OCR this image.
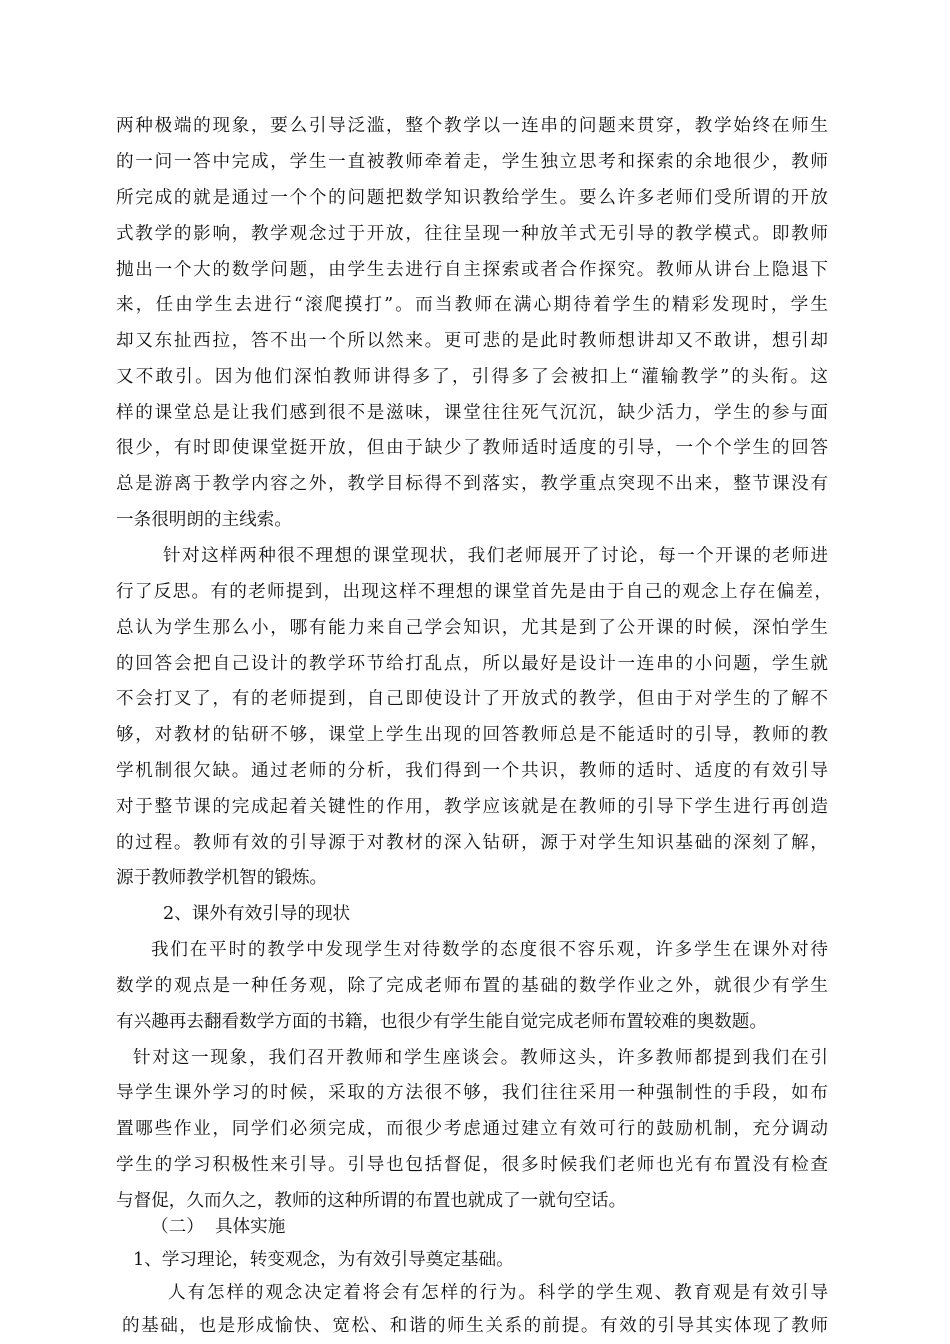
两种极端的现象，要么引导泛滥，整个教学以一连串的问题来贯穿，教学始终在师生
的一问一答中完成，学生一直被教师牵着走，学生独立思考和探索的余地很少，教师
所完成的就是通过一个个的问题把数学知识教给学生。要么许多老师们受所谓的开放
式教学的影响，教学观念过于开放，往往呈现一种放羊式无引导的教学模式。即教师
抛出一个大的数学问题，由学生去进行自主探索或者合作探究。教师从讲台上隐退下
来，任由学生去进行“滚爬摸打”。而当教师在满心期待着学生的精彩发现时，学生
却又东扯西拉，答不出一个所以然来。更可悲的是此时教师想讲却又不敢讲，想引却
又不敢引。因为他们深怕教师讲得多了，引得多了会被扣上“灌输教学”的头衔。这
样的课堂总是让我们感到很不是滋味，课堂往往死气沉沉，缺少活力，学生的参与面
很少，有时即使课堂挺开放，但由于缺少了教师适时适度的引导，一个个学生的回答
总是游离于教学内容之外，教学目标得不到落实，教学重点突现不出来，整节课没有
一条很明朗的主线索。
针对这样两种很不理想的课堂现状，我们老师展开了讨论，每一个开课的老师进
行了反思。有的老师提到，出现这样不理想的课堂首先是由于自己的观念上存在偏差，
总认为学生那么小，哪有能力来自己学会知识，尤其是到了公开课的时候，深怕学生
的回答会把自己设计的教学环节给打乱点，所以最好是设计一连串的小问题，学生就
不会打叉了，有的老师提到，自己即使设计了开放式的教学，但由于对学生的了解不
够，对教材的钻研不够，课堂上学生出现的回答教师总是不能适时的引导，教师的教
学机制很欠缺。通过老师的分析，我们得到一个共识，教师的适时、适度的有效引导
对于整节课的完成起着关键性的作用，教学应该就是在教师的引导下学生进行再创造
的过程。教师有效的引导源于对教材的深入钻研，源于对学生知识基础的深刻了解，
源于教师教学机智的锻炼。
2、课外有效引导的现状
我们在平时的教学中发现学生对待数学的态度很不容乐观，许多学生在课外对待
数学的观点是一种任务观，除了完成老师布置的基础的数学作业之外，就很少有学生
有兴趣再去翻看数学方面的书籍，也很少有学生能自觉完成老师布置较难的奥数题。
针对这一现象，我们召开教师和学生座谈会。教师这头，许多教师都提到我们在引
导学生课外学习的时候，采取的方法很不够，我们往往采用一种强制性的手段，如布
置哪些作业，同学们必须完成，而很少考虑通过建立有效可行的鼓励机制，充分调动
学生的学习积极性来引导。引导也包括督促，很多时候我们老师也光有布置没有检查
与督促，久而久之，教师的这种所谓的布置也就成了一就句空话。
（二）  具体实施
1、学习理论，转变观念，为有效引导奠定基础。
人有怎样的观念决定着将会有怎样的行为。科学的学生观、教育观是有效引导
的基础，也是形成愉快、宽松、和谐的师生关系的前提。有效的引导其实体现了教师
